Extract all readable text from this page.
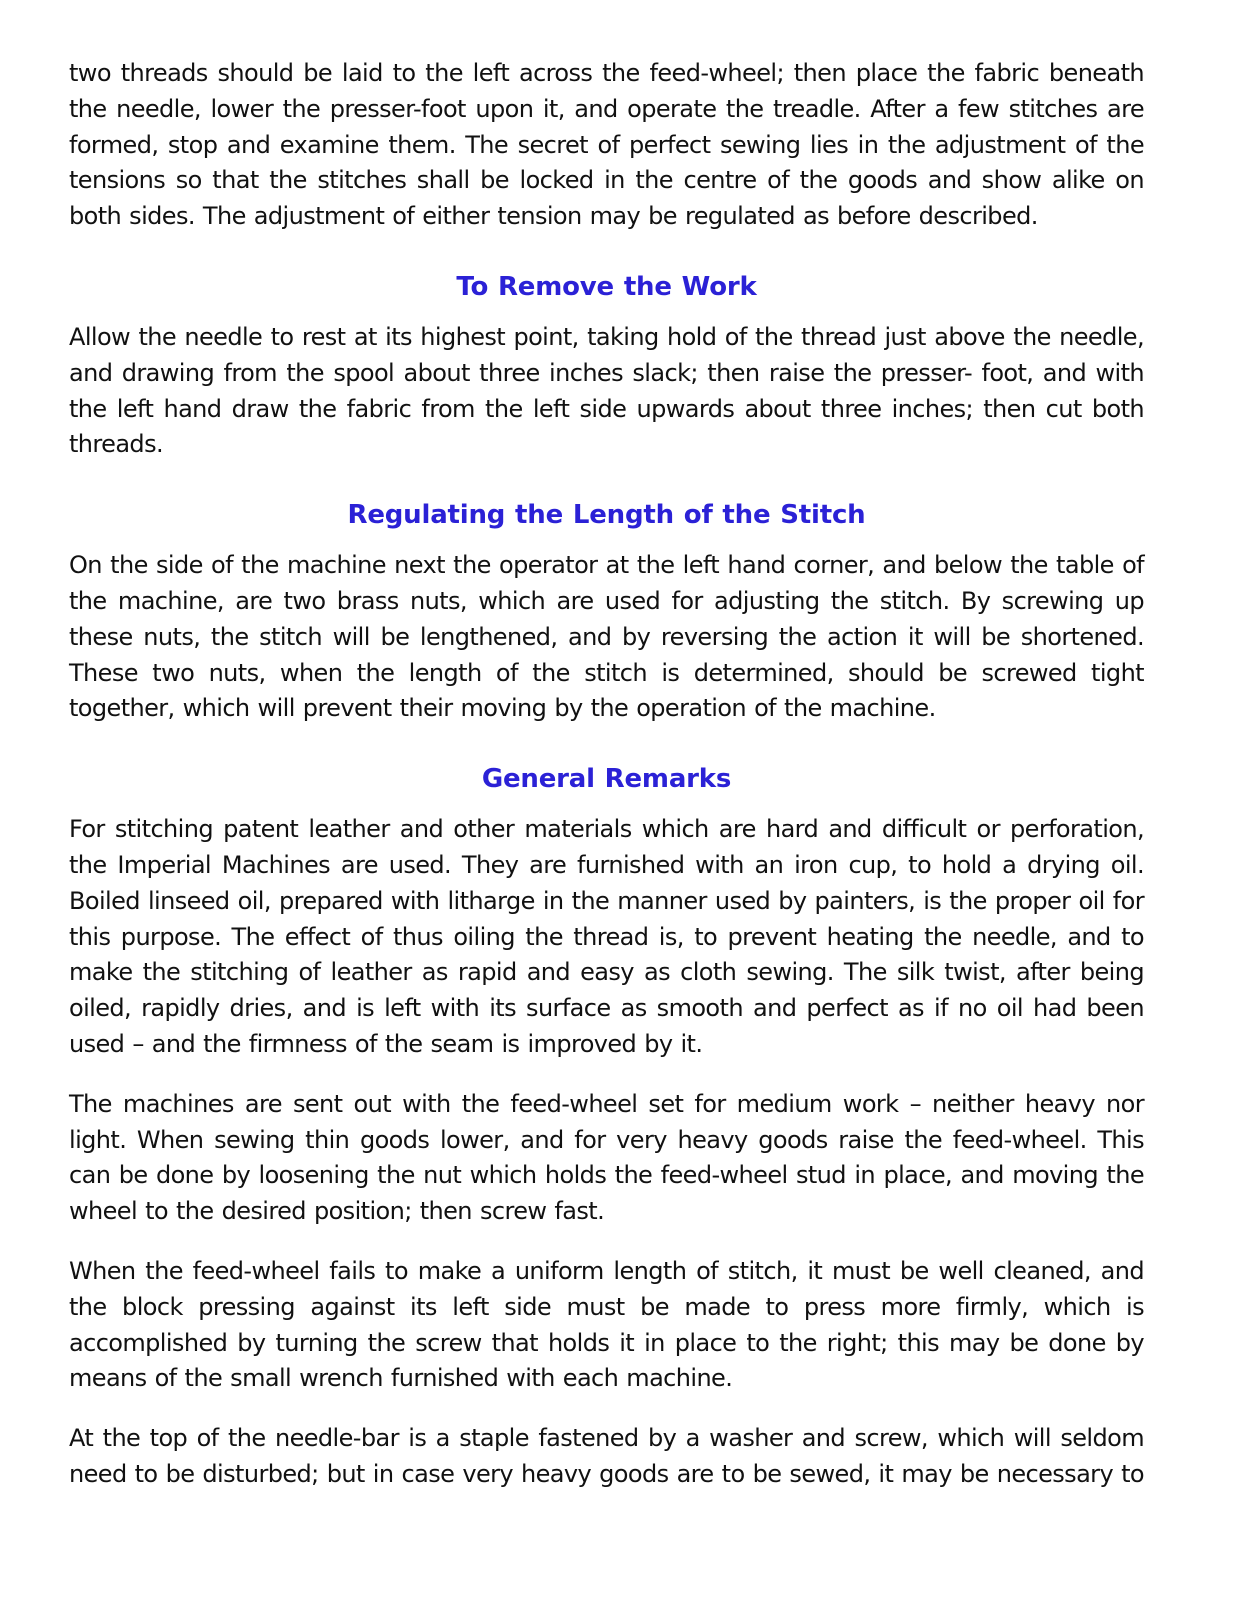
two threads should be laid to the left across the feed-wheel; then place the fabric beneath the needle, lower the presser-foot upon it, and operate the treadle. After a few stitches are formed, stop and examine them. The secret of perfect sewing lies in the adjustment of the tensions so that the stitches shall be locked in the centre of the goods and show alike on both sides. The adjustment of either tension may be regulated as before described.

To Remove the Work

Allow the needle to rest at its highest point, taking hold of the thread just above the needle, and drawing from the spool about three inches slack; then raise the presser- foot, and with the left hand draw the fabric from the left side upwards about three inches; then cut both threads.

Regulating the Length of the Stitch

On the side of the machine next the operator at the left hand corner, and below the table of the machine, are two brass nuts, which are used for adjusting the stitch. By screwing up these nuts, the stitch will be lengthened, and by reversing the action it will be shortened. These two nuts, when the length of the stitch is determined, should be screwed tight together, which will prevent their moving by the operation of the machine.

General Remarks

For stitching patent leather and other materials which are hard and difficult or perforation, the Imperial Machines are used. They are furnished with an iron cup, to hold a drying oil. Boiled linseed oil, prepared with litharge in the manner used by painters, is the proper oil for this purpose. The effect of thus oiling the thread is, to prevent heating the needle, and to make the stitching of leather as rapid and easy as cloth sewing. The silk twist, after being oiled, rapidly dries, and is left with its surface as smooth and perfect as if no oil had been used – and the firmness of the seam is improved by it.

The machines are sent out with the feed-wheel set for medium work – neither heavy nor light. When sewing thin goods lower, and for very heavy goods raise the feed-wheel. This can be done by loosening the nut which holds the feed-wheel stud in place, and moving the wheel to the desired position; then screw fast.

When the feed-wheel fails to make a uniform length of stitch, it must be well cleaned, and the block pressing against its left side must be made to press more firmly, which is accomplished by turning the screw that holds it in place to the right; this may be done by means of the small wrench furnished with each machine.

At the top of the needle-bar is a staple fastened by a washer and screw, which will seldom need to be disturbed; but in case very heavy goods are to be sewed, it may be necessary to
